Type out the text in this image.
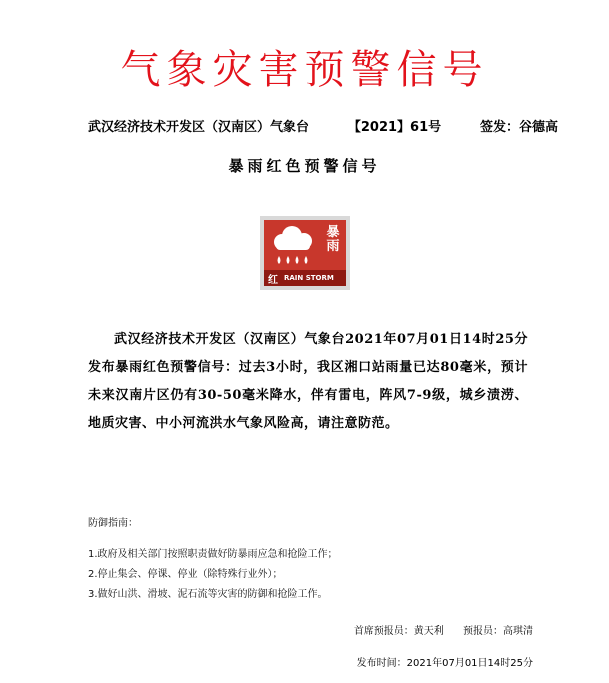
气象灾害预警信号
武汉经济技术开发区（汉南区）气象台	【2021】61号	签发：谷德高
暴雨红色预警信号
暴雨
红 RAIN STORM
武汉经济技术开发区（汉南区）气象台2021年07月01日14时25分发布暴雨红色预警信号：过去3小时，我区湘口站雨量已达80毫米，预计未来汉南片区仍有30-50毫米降水，伴有雷电，阵风7-9级，城乡渍涝、地质灾害、中小河流洪水气象风险高，请注意防范。
防御指南：
1.政府及相关部门按照职责做好防暴雨应急和抢险工作；
2.停止集会、停课、停业（除特殊行业外）；
3.做好山洪、滑坡、泥石流等灾害的防御和抢险工作。
首席预报员：黄天利 预报员：高琪清
发布时间：2021年07月01日14时25分
